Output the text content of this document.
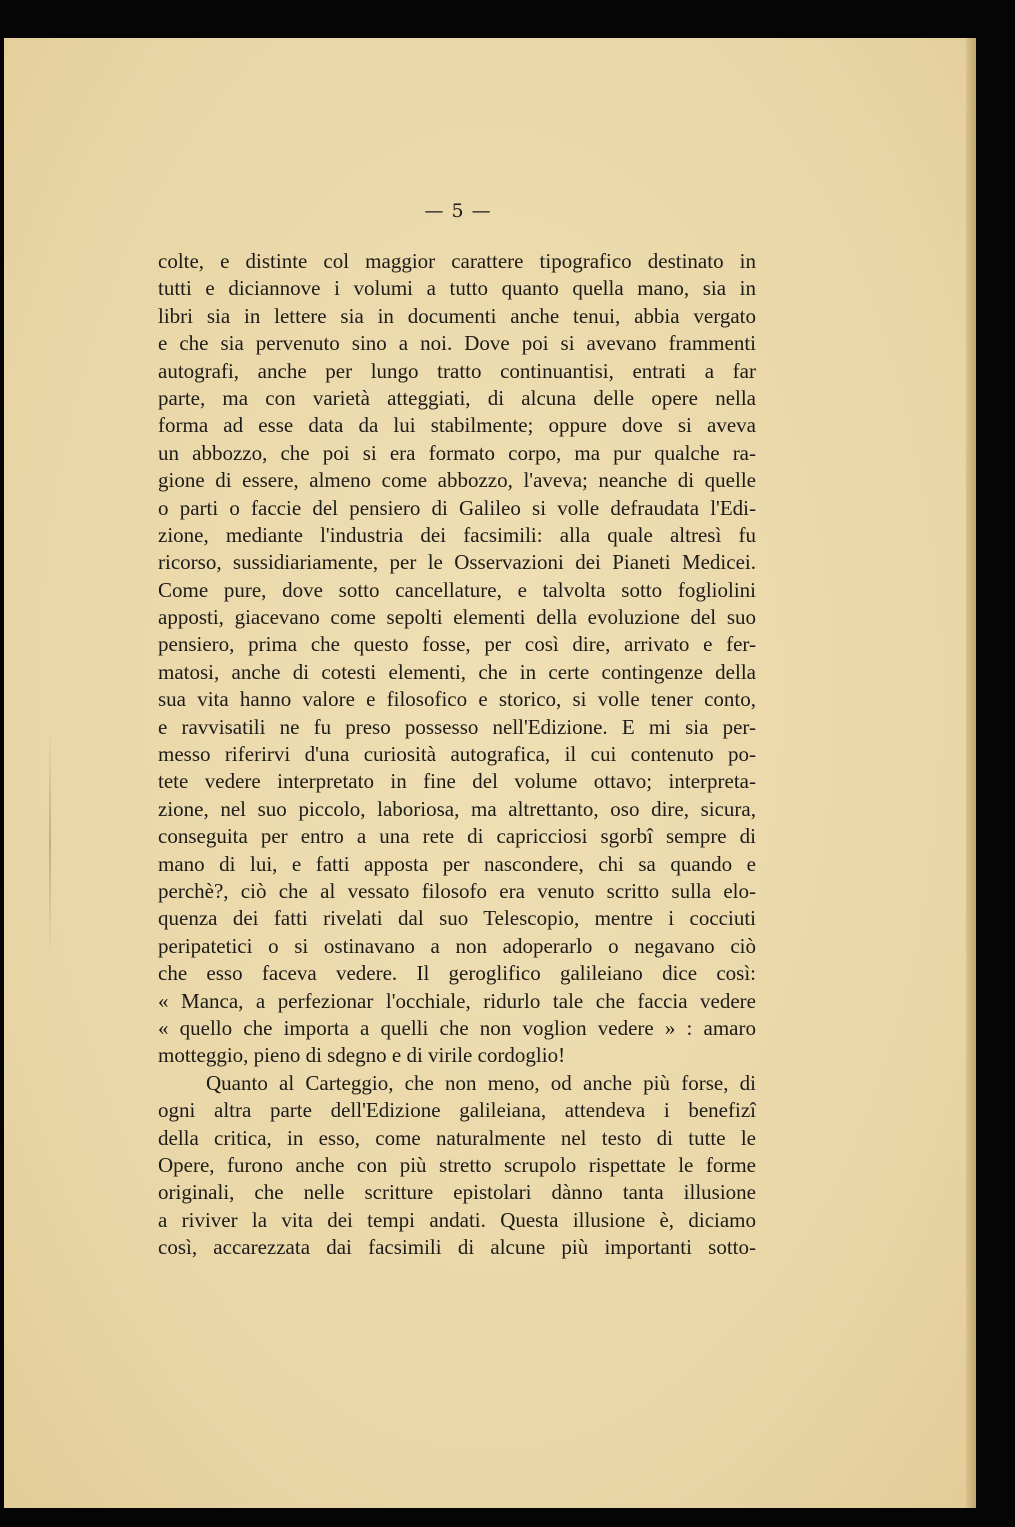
— 5 —
colte, e distinte col maggior carattere tipografico destinato in
tutti e diciannove i volumi a tutto quanto quella mano, sia in
libri sia in lettere sia in documenti anche tenui, abbia vergato
e che sia pervenuto sino a noi. Dove poi si avevano frammenti
autografi, anche per lungo tratto continuantisi, entrati a far
parte, ma con varietà atteggiati, di alcuna delle opere nella
forma ad esse data da lui stabilmente; oppure dove si aveva
un abbozzo, che poi si era formato corpo, ma pur qualche ra-
gione di essere, almeno come abbozzo, l'aveva; neanche di quelle
o parti o faccie del pensiero di Galileo si volle defraudata l'Edi-
zione, mediante l'industria dei facsimili: alla quale altresì fu
ricorso, sussidiariamente, per le Osservazioni dei Pianeti Medicei.
Come pure, dove sotto cancellature, e talvolta sotto fogliolini
apposti, giacevano come sepolti elementi della evoluzione del suo
pensiero, prima che questo fosse, per così dire, arrivato e fer-
matosi, anche di cotesti elementi, che in certe contingenze della
sua vita hanno valore e filosofico e storico, si volle tener conto,
e ravvisatili ne fu preso possesso nell'Edizione. E mi sia per-
messo riferirvi d'una curiosità autografica, il cui contenuto po-
tete vedere interpretato in fine del volume ottavo; interpreta-
zione, nel suo piccolo, laboriosa, ma altrettanto, oso dire, sicura,
conseguita per entro a una rete di capricciosi sgorbî sempre di
mano di lui, e fatti apposta per nascondere, chi sa quando e
perchè?, ciò che al vessato filosofo era venuto scritto sulla elo-
quenza dei fatti rivelati dal suo Telescopio, mentre i cocciuti
peripatetici o si ostinavano a non adoperarlo o negavano ciò
che esso faceva vedere. Il geroglifico galileiano dice così:
« Manca, a perfezionar l'occhiale, ridurlo tale che faccia vedere
« quello che importa a quelli che non voglion vedere » : amaro
motteggio, pieno di sdegno e di virile cordoglio!
Quanto al Carteggio, che non meno, od anche più forse, di
ogni altra parte dell'Edizione galileiana, attendeva i benefizî
della critica, in esso, come naturalmente nel testo di tutte le
Opere, furono anche con più stretto scrupolo rispettate le forme
originali, che nelle scritture epistolari dànno tanta illusione
a riviver la vita dei tempi andati. Questa illusione è, diciamo
così, accarezzata dai facsimili di alcune più importanti sotto-
